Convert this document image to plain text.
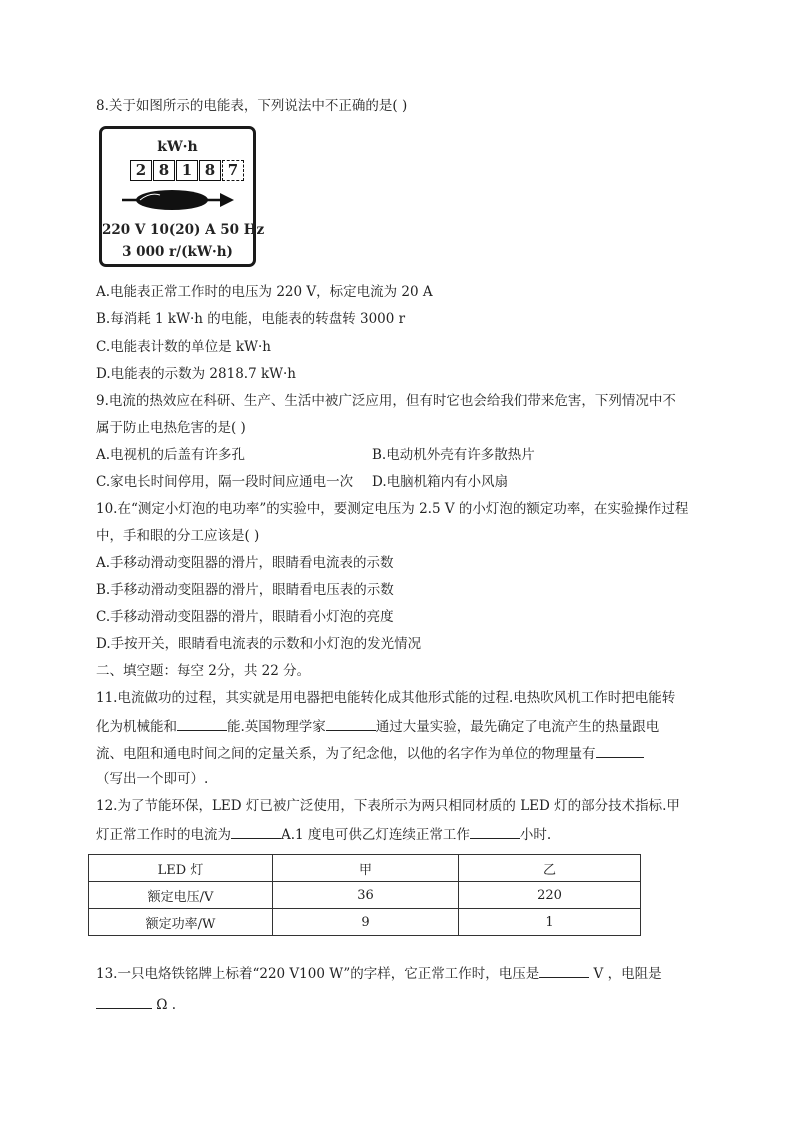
8.关于如图所示的电能表，下列说法中不正确的是( )
kW·h
2 8 1 8 7
220 V 10(20) A 50 Hz
3 000 r/(kW·h)
A.电能表正常工作时的电压为 220 V，标定电流为 20 A
B.每消耗 1 kW·h 的电能，电能表的转盘转 3000 r
C.电能表计数的单位是 kW·h
D.电能表的示数为 2818.7 kW·h
9.电流的热效应在科研、生产、生活中被广泛应用，但有时它也会给我们带来危害，下列情况中不
属于防止电热危害的是( )
A.电视机的后盖有许多孔	B.电动机外壳有许多散热片
C.家电长时间停用，隔一段时间应通电一次 D.电脑机箱内有小风扇
10.在“测定小灯泡的电功率”的实验中，要测定电压为 2.5 V 的小灯泡的额定功率，在实验操作过程
中，手和眼的分工应该是( )
A.手移动滑动变阻器的滑片，眼睛看电流表的示数
B.手移动滑动变阻器的滑片，眼睛看电压表的示数
C.手移动滑动变阻器的滑片，眼睛看小灯泡的亮度
D.手按开关，眼睛看电流表的示数和小灯泡的发光情况
二、填空题：每空 2分，共 22 分。
11.电流做功的过程，其实就是用电器把电能转化成其他形式能的过程.电热吹风机工作时把电能转
化为机械能和	能.英国物理学家	通过大量实验，最先确定了电流产生的热量跟电
流、电阻和通电时间之间的定量关系，为了纪念他，以他的名字作为单位的物理量有
（写出一个即可）.
12.为了节能环保，LED 灯已被广泛使用，下表所示为两只相同材质的 LED 灯的部分技术指标.甲
灯正常工作时的电流为	A.1 度电可供乙灯连续正常工作	小时.
LED 灯	甲	乙
额定电压/V	36	220
额定功率/W	9	1
13.一只电烙铁铭牌上标着“220 V100 W”的字样，它正常工作时，电压是	V ，电阻是
Ω .
